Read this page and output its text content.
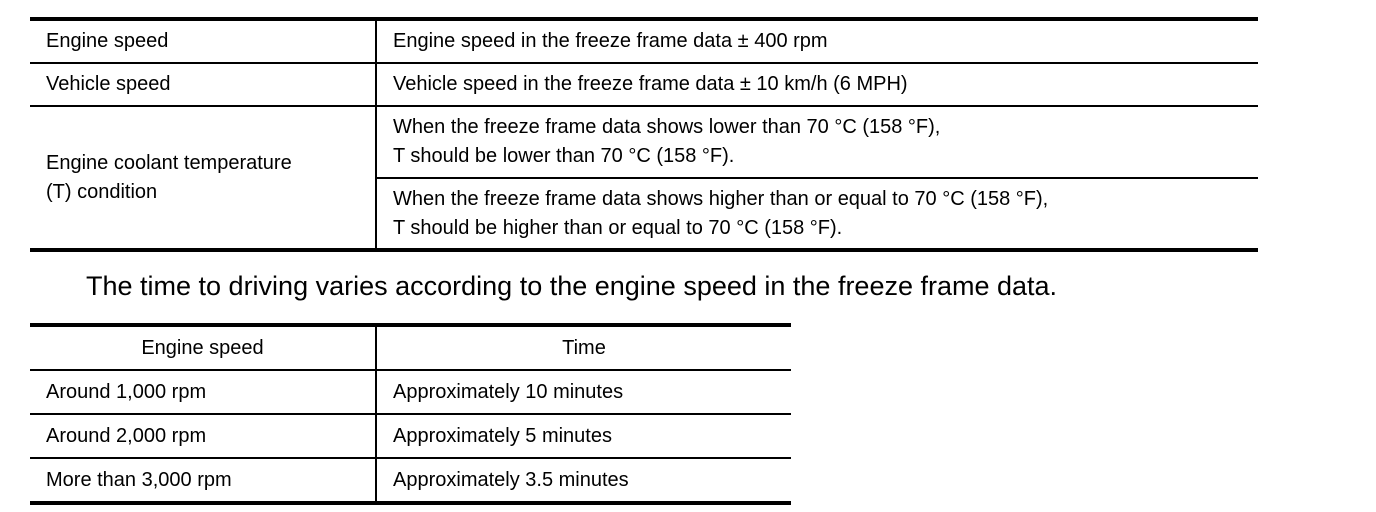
Engine speed	Engine speed in the freeze frame data ± 400 rpm
Vehicle speed	Vehicle speed in the freeze frame data ± 10 km/h (6 MPH)

Engine coolant temperature
(T) condition	When the freeze frame data shows lower than 70 °C (158 °F),
T should be lower than 70 °C (158 °F).

	When the freeze frame data shows higher than or equal to 70 °C (158 °F),
T should be higher than or equal to 70 °C (158 °F).
The time to driving varies according to the engine speed in the freeze frame data.
Engine speed	Time
Around 1,000 rpm	Approximately 10 minutes
Around 2,000 rpm	Approximately 5 minutes
More than 3,000 rpm	Approximately 3.5 minutes
